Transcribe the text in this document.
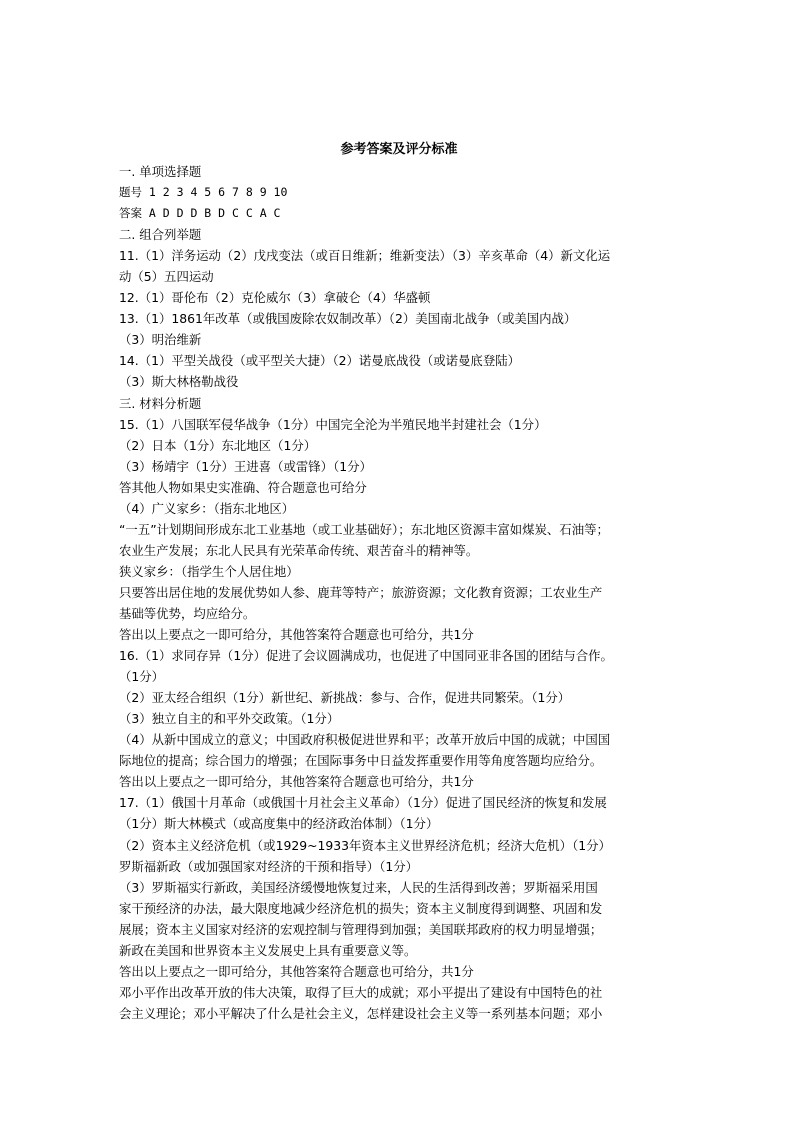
参考答案及评分标准
一. 单项选择题
题号 1 2 3 4 5 6 7 8 9 10
答案 A D D D B D C C A C
二. 组合列举题
11.（1）洋务运动（2）戊戌变法（或百日维新；维新变法）（3）辛亥革命（4）新文化运
动（5）五四运动
12.（1）哥伦布（2）克伦威尔（3）拿破仑（4）华盛顿
13.（1）1861年改革（或俄国废除农奴制改革）（2）美国南北战争（或美国内战）
（3）明治维新
14.（1）平型关战役（或平型关大捷）（2）诺曼底战役（或诺曼底登陆）
（3）斯大林格勒战役
三. 材料分析题
15.（1）八国联军侵华战争（1分）中国完全沦为半殖民地半封建社会（1分）
（2）日本（1分）东北地区（1分）
（3）杨靖宇（1分）王进喜（或雷锋）（1分）
答其他人物如果史实准确、符合题意也可给分
（4）广义家乡：（指东北地区）
“一五”计划期间形成东北工业基地（或工业基础好）；东北地区资源丰富如煤炭、石油等；
农业生产发展；东北人民具有光荣革命传统、艰苦奋斗的精神等。
狭义家乡：（指学生个人居住地）
只要答出居住地的发展优势如人参、鹿茸等特产；旅游资源；文化教育资源；工农业生产
基础等优势，均应给分。
答出以上要点之一即可给分，其他答案符合题意也可给分，共1分
16.（1）求同存异（1分）促进了会议圆满成功，也促进了中国同亚非各国的团结与合作。
（1分）
（2）亚太经合组织（1分）新世纪、新挑战：参与、合作，促进共同繁荣。（1分）
（3）独立自主的和平外交政策。（1分）
（4）从新中国成立的意义；中国政府积极促进世界和平；改革开放后中国的成就；中国国
际地位的提高；综合国力的增强；在国际事务中日益发挥重要作用等角度答题均应给分。
答出以上要点之一即可给分，其他答案符合题意也可给分，共1分
17.（1）俄国十月革命（或俄国十月社会主义革命）（1分）促进了国民经济的恢复和发展
（1分）斯大林模式（或高度集中的经济政治体制）（1分）
（2）资本主义经济危机（或1929~1933年资本主义世界经济危机；经济大危机）（1分）
罗斯福新政（或加强国家对经济的干预和指导）（1分）
（3）罗斯福实行新政，美国经济缓慢地恢复过来，人民的生活得到改善；罗斯福采用国
家干预经济的办法，最大限度地减少经济危机的损失；资本主义制度得到调整、巩固和发
展展；资本主义国家对经济的宏观控制与管理得到加强；美国联邦政府的权力明显增强；
新政在美国和世界资本主义发展史上具有重要意义等。
答出以上要点之一即可给分，其他答案符合题意也可给分，共1分
邓小平作出改革开放的伟大决策，取得了巨大的成就；邓小平提出了建设有中国特色的社
会主义理论；邓小平解决了什么是社会主义，怎样建设社会主义等一系列基本问题；邓小
